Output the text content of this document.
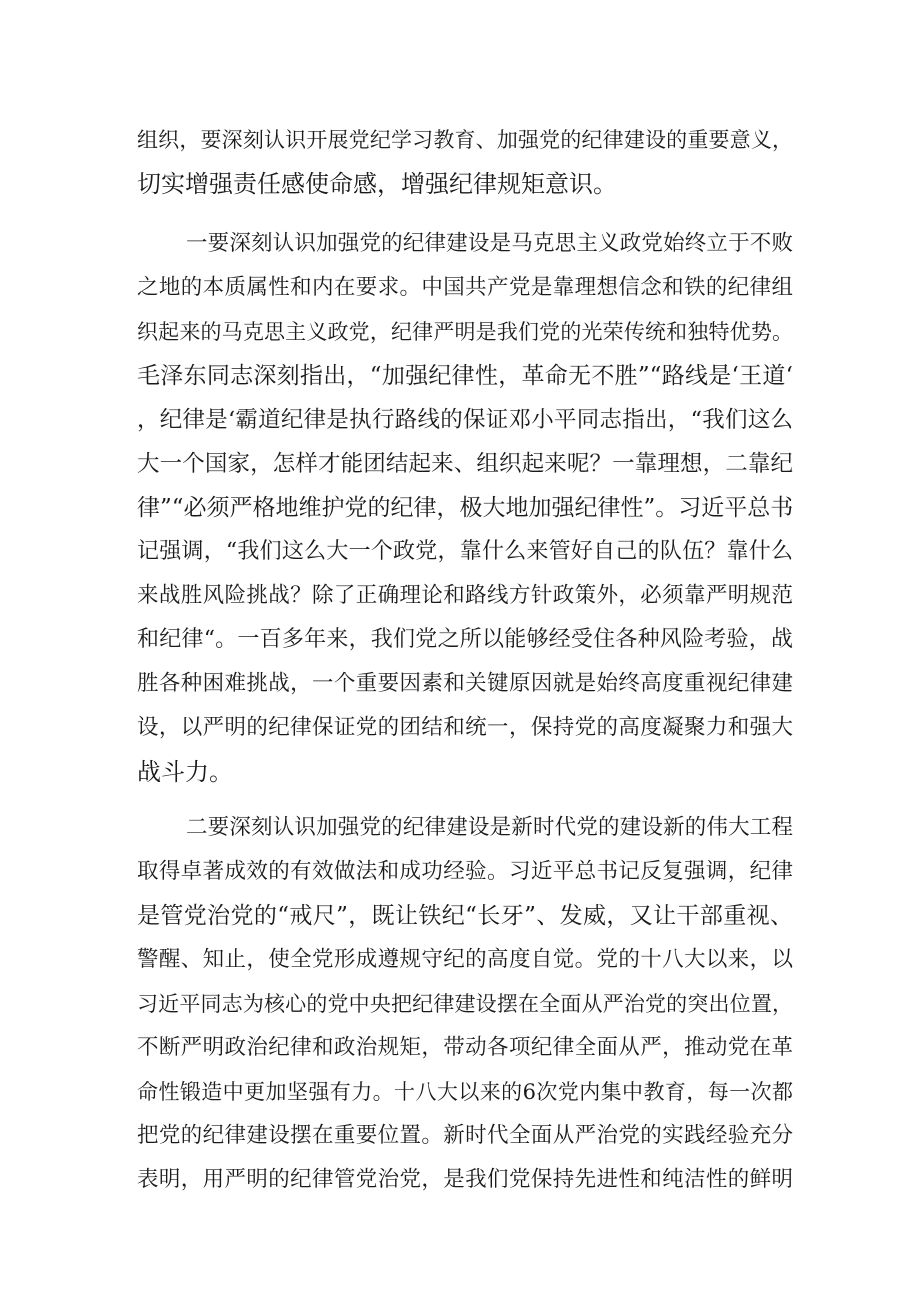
组织，要深刻认识开展党纪学习教育、加强党的纪律建设的重要意义，
切实增强责任感使命感，增强纪律规矩意识。
一要深刻认识加强党的纪律建设是马克思主义政党始终立于不败
之地的本质属性和内在要求。中国共产党是靠理想信念和铁的纪律组
织起来的马克思主义政党，纪律严明是我们党的光荣传统和独特优势。
毛泽东同志深刻指出，“加强纪律性，革命无不胜”“路线是‘王道‘
，纪律是‘霸道纪律是执行路线的保证邓小平同志指出，“我们这么
大一个国家，怎样才能团结起来、组织起来呢？一靠理想，二靠纪
律”“必须严格地维护党的纪律，极大地加强纪律性”。习近平总书
记强调，“我们这么大一个政党，靠什么来管好自己的队伍？靠什么
来战胜风险挑战？除了正确理论和路线方针政策外，必须靠严明规范
和纪律“。一百多年来，我们党之所以能够经受住各种风险考验，战
胜各种困难挑战，一个重要因素和关键原因就是始终高度重视纪律建
设，以严明的纪律保证党的团结和统一，保持党的高度凝聚力和强大
战斗力。
二要深刻认识加强党的纪律建设是新时代党的建设新的伟大工程
取得卓著成效的有效做法和成功经验。习近平总书记反复强调，纪律
是管党治党的“戒尺”，既让铁纪“长牙”、发威，又让干部重视、
警醒、知止，使全党形成遵规守纪的高度自觉。党的十八大以来，以
习近平同志为核心的党中央把纪律建设摆在全面从严治党的突出位置，
不断严明政治纪律和政治规矩，带动各项纪律全面从严，推动党在革
命性锻造中更加坚强有力。十八大以来的6次党内集中教育，每一次都
把党的纪律建设摆在重要位置。新时代全面从严治党的实践经验充分
表明，用严明的纪律管党治党，是我们党保持先进性和纯洁性的鲜明
